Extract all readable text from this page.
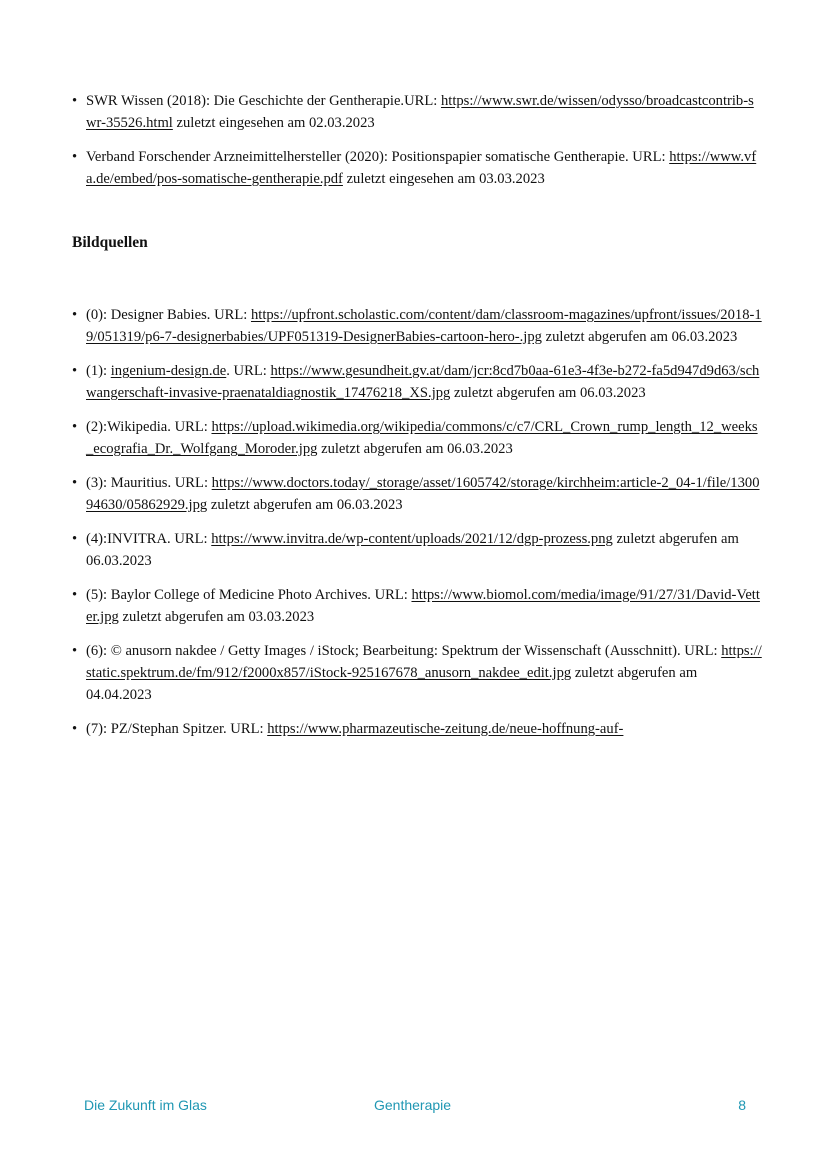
• SWR Wissen (2018): Die Geschichte der Gentherapie.URL: https://www.swr.de/wissen/odysso/broadcastcontrib-swr-35526.html zuletzt eingesehen am 02.03.2023
• Verband Forschender Arzneimittelhersteller (2020): Positionspapier somatische Gentherapie. URL: https://www.vfa.de/embed/pos-somatische-gentherapie.pdf zuletzt eingesehen am 03.03.2023
Bildquellen
• (0): Designer Babies. URL: https://upfront.scholastic.com/content/dam/classroom-magazines/upfront/issues/2018-19/051319/p6-7-designerbabies/UPF051319-DesignerBabies-cartoon-hero-.jpg zuletzt abgerufen am 06.03.2023
• (1): ingenium-design.de. URL: https://www.gesundheit.gv.at/dam/jcr:8cd7b0aa-61e3-4f3e-b272-fa5d947d9d63/schwangerschaft-invasive-praenataldiagnostik_17476218_XS.jpg zuletzt abgerufen am 06.03.2023
• (2):Wikipedia. URL: https://upload.wikimedia.org/wikipedia/commons/c/c7/CRL_Crown_rump_length_12_weeks_ecografia_Dr._Wolfgang_Moroder.jpg zuletzt abgerufen am 06.03.2023
• (3): Mauritius. URL: https://www.doctors.today/_storage/asset/1605742/storage/kirchheim:article-2_04-1/file/130094630/05862929.jpg zuletzt abgerufen am 06.03.2023
• (4):INVITRA. URL: https://www.invitra.de/wp-content/uploads/2021/12/dgp-prozess.png zuletzt abgerufen am 06.03.2023
• (5): Baylor College of Medicine Photo Archives. URL: https://www.biomol.com/media/image/91/27/31/David-Vetter.jpg zuletzt abgerufen am 03.03.2023
• (6): © anusorn nakdee / Getty Images / iStock; Bearbeitung: Spektrum der Wissenschaft (Ausschnitt). URL: https://static.spektrum.de/fm/912/f2000x857/iStock-925167678_anusorn_nakdee_edit.jpg zuletzt abgerufen am 04.04.2023
• (7): PZ/Stephan Spitzer. URL: https://www.pharmazeutische-zeitung.de/neue-hoffnung-auf-
Die Zukunft im Glas	Gentherapie	8
